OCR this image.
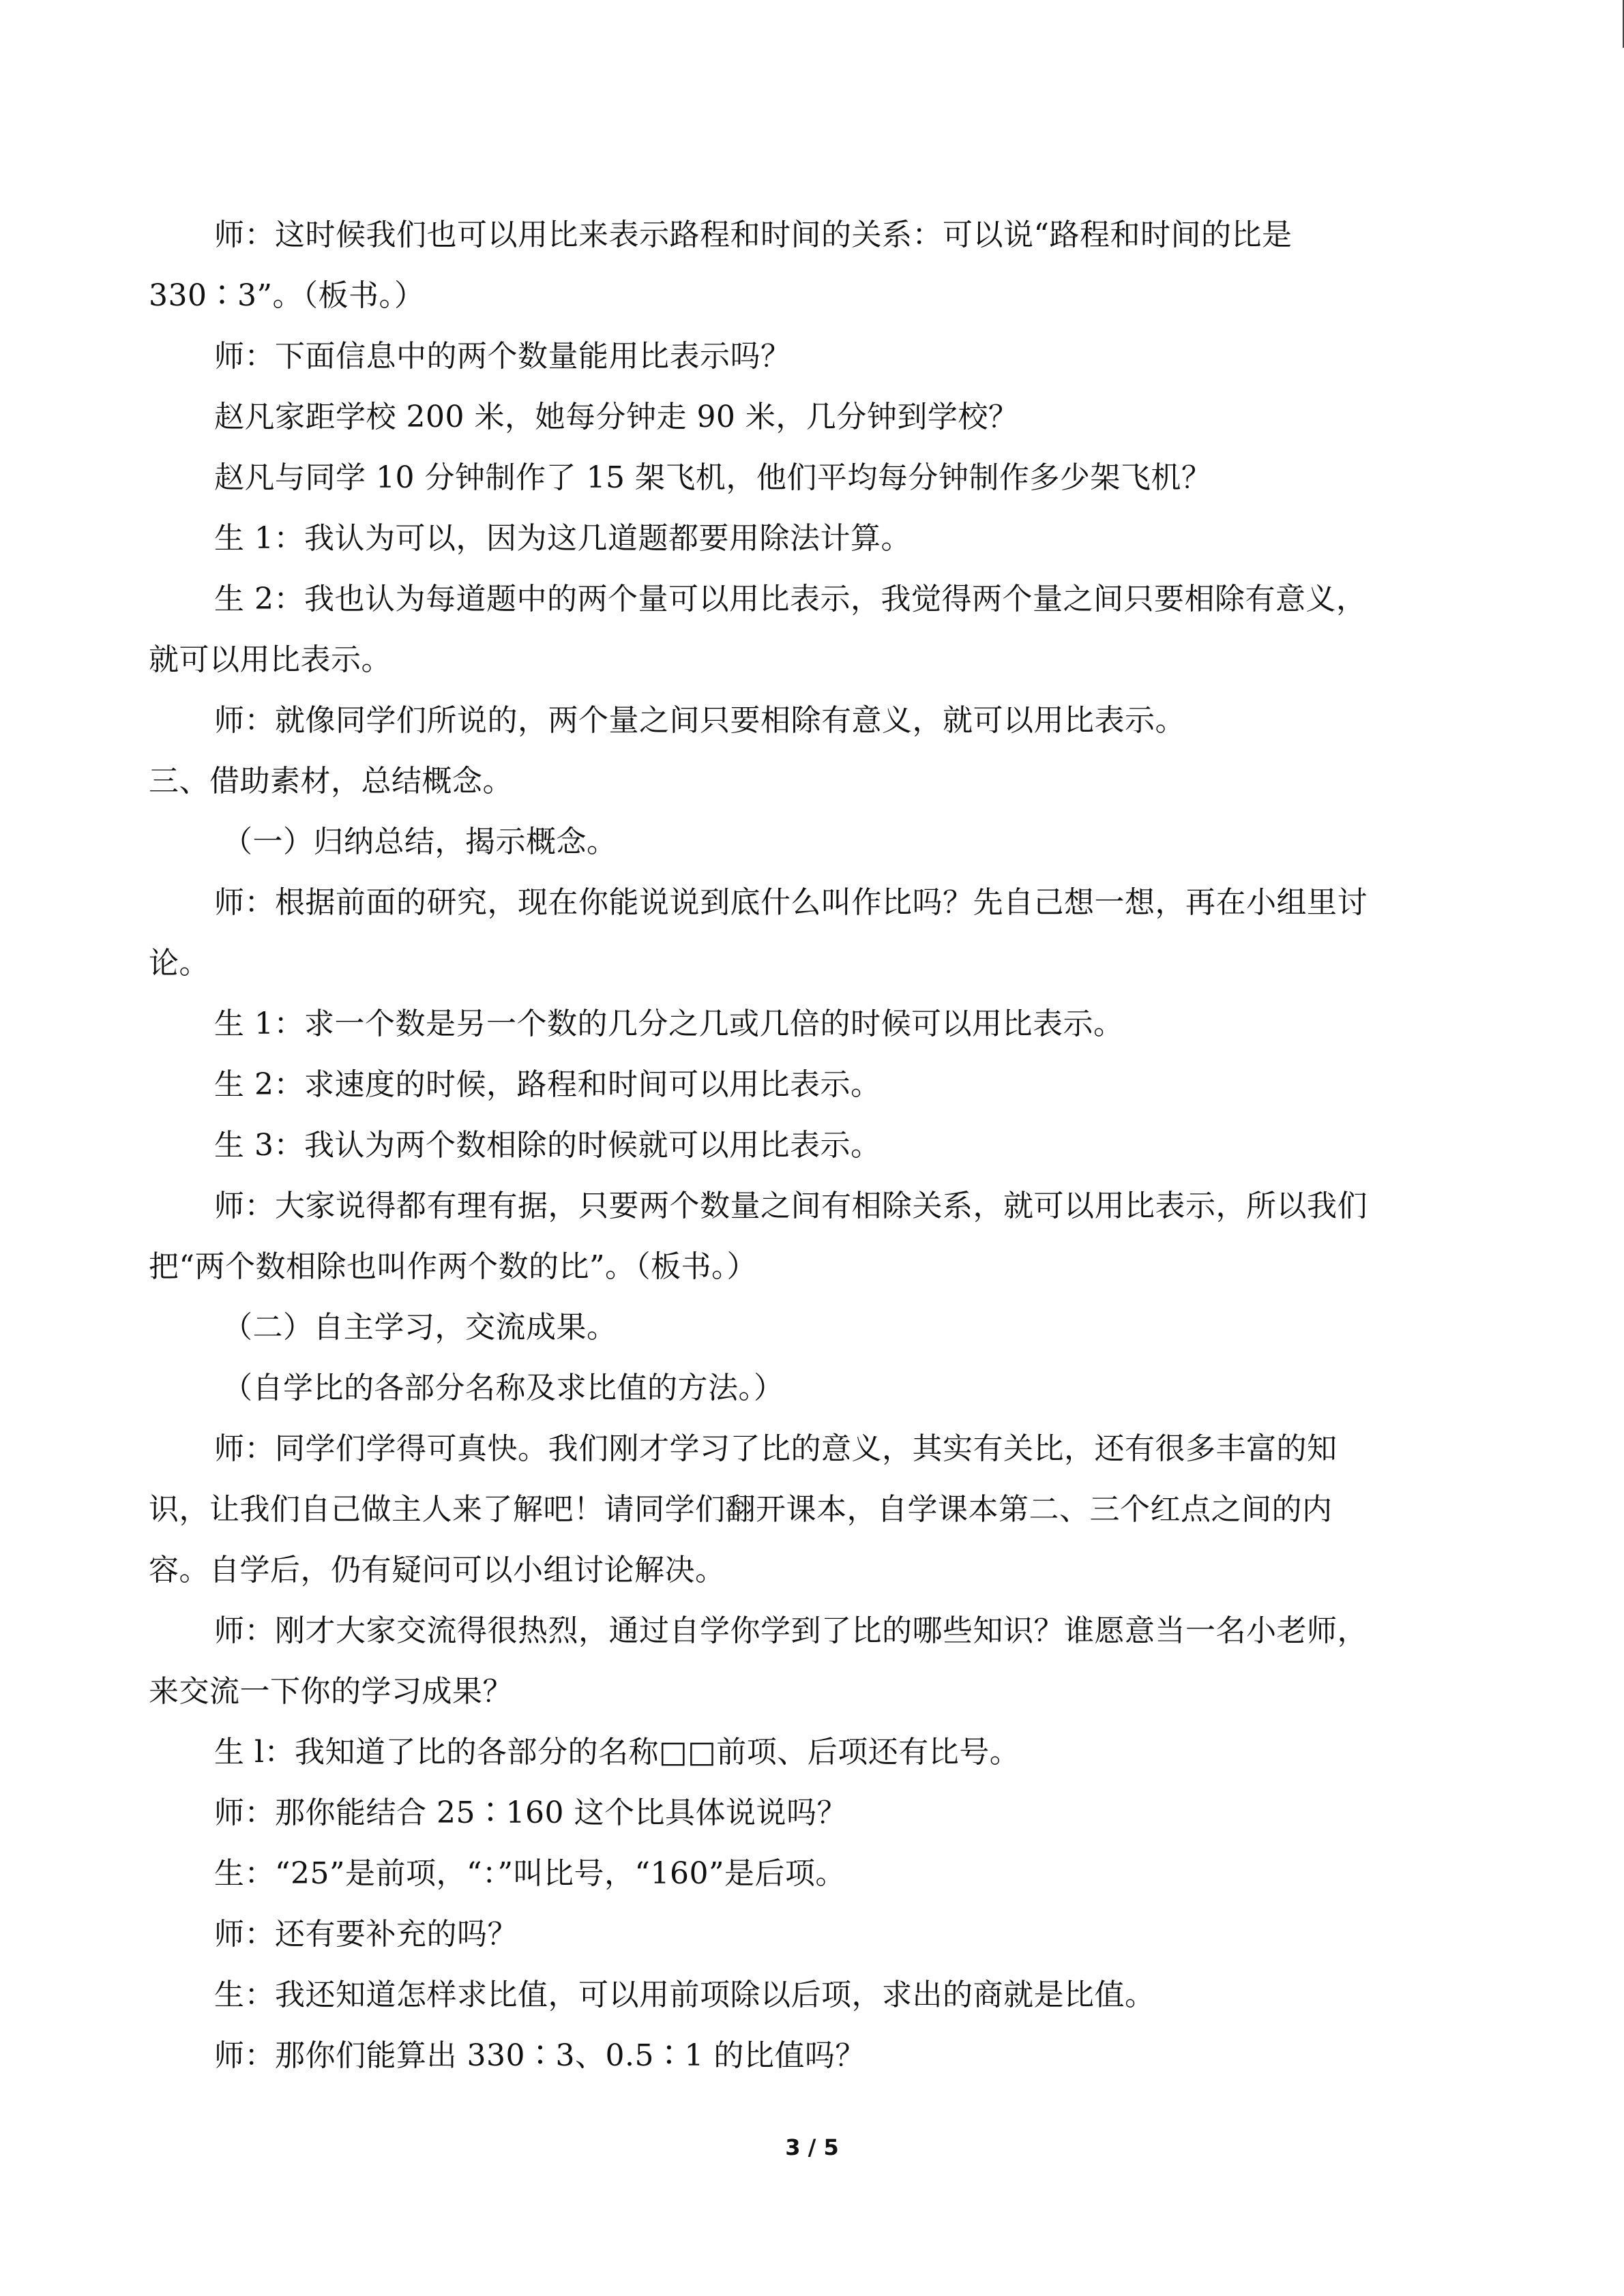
师：这时候我们也可以用比来表示路程和时间的关系：可以说“路程和时间的比是

330∶3”。（板书。）

师：下面信息中的两个数量能用比表示吗？

赵凡家距学校 200 米，她每分钟走 90 米，几分钟到学校？

赵凡与同学 10 分钟制作了 15 架飞机，他们平均每分钟制作多少架飞机？

生 1：我认为可以，因为这几道题都要用除法计算。

生 2：我也认为每道题中的两个量可以用比表示，我觉得两个量之间只要相除有意义，

就可以用比表示。

师：就像同学们所说的，两个量之间只要相除有意义，就可以用比表示。

三、借助素材，总结概念。

（一）归纳总结，揭示概念。

师：根据前面的研究，现在你能说说到底什么叫作比吗？先自己想一想，再在小组里讨

论。

生 1：求一个数是另一个数的几分之几或几倍的时候可以用比表示。

生 2：求速度的时候，路程和时间可以用比表示。

生 3：我认为两个数相除的时候就可以用比表示。

师：大家说得都有理有据，只要两个数量之间有相除关系，就可以用比表示，所以我们

把“两个数相除也叫作两个数的比”。（板书。）

（二）自主学习，交流成果。

（自学比的各部分名称及求比值的方法。）

师：同学们学得可真快。我们刚才学习了比的意义，其实有关比，还有很多丰富的知

识，让我们自己做主人来了解吧！请同学们翻开课本，自学课本第二、三个红点之间的内

容。自学后，仍有疑问可以小组讨论解决。

师：刚才大家交流得很热烈，通过自学你学到了比的哪些知识？谁愿意当一名小老师，

来交流一下你的学习成果？

生 l：我知道了比的各部分的名称□□前项、后项还有比号。

师：那你能结合 25∶160 这个比具体说说吗？

生：“25”是前项，“：”叫比号，“160”是后项。

师：还有要补充的吗？

生：我还知道怎样求比值，可以用前项除以后项，求出的商就是比值。

师：那你们能算出 330∶3、0.5∶1 的比值吗？

3 / 5
